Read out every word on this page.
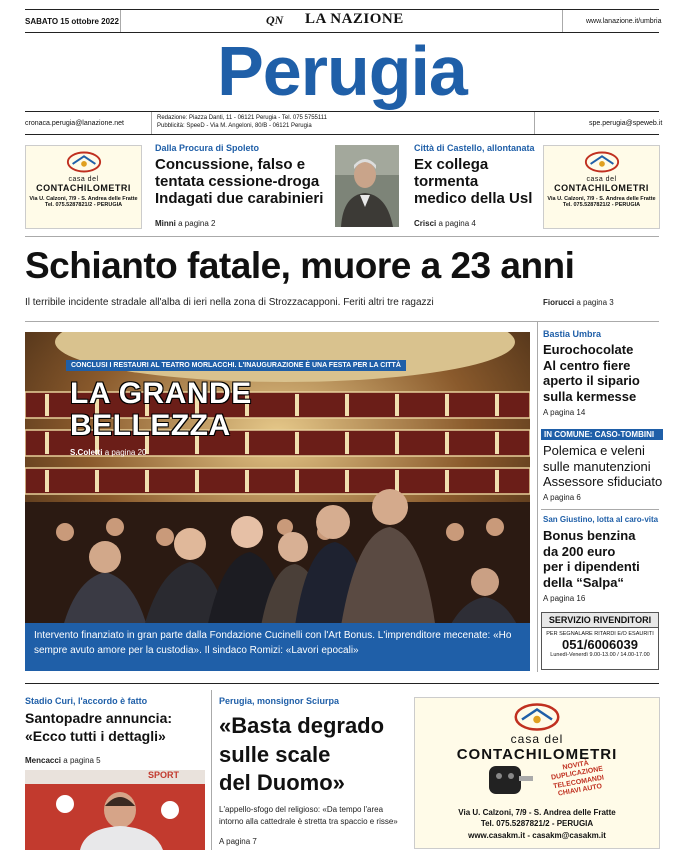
SABATO 15 ottobre 2022	QN LA NAZIONE	www.lanazione.it/umbria
Perugia
cronaca.perugia@lanazione.net
Redazione: Piazza Danti, 11 - 06121 Perugia - Tel. 075 5755111
Pubblicità: SpeeD - Via M. Angeloni, 80/B - 06121 Perugia	spe.perugia@speweb.it
casa del
CONTACHILOMETRI
Via U. Calzoni, 7/9 - S. Andrea delle Fratte
Tel. 075.5287821/2 - PERUGIA
Dalla Procura di Spoleto
Concussione, falso e
tentata cessione-droga
Indagati due carabinieri
Minni a pagina 2
Città di Castello, allontanata
Ex collega
tormenta
medico della Usl
Crisci a pagina 4
casa del
CONTACHILOMETRI
Via U. Calzoni, 7/9 - S. Andrea delle Fratte
Tel. 075.5287821/2 - PERUGIA
Schianto fatale, muore a 23 anni
Il terribile incidente stradale all'alba di ieri nella zona di Strozzacapponi. Feriti altri tre ragazzi	Fiorucci a pagina 3
CONCLUSI I RESTAURI AL TEATRO MORLACCHI. L'INAUGURAZIONE È UNA FESTA PER LA CITTÀ
LA GRANDE
BELLEZZA
S.Coletti a pagina 20
Intervento finanziato in gran parte dalla Fondazione Cucinelli con l'Art Bonus. L'imprenditore mecenate: «Ho sempre avuto amore per la custodia». Il sindaco Romizi: «Lavori epocali»
Bastia Umbra
Eurochocolate
Al centro fiere
aperto il sipario
sulla kermesse
A pagina 14
IN COMUNE: CASO-TOMBINI
Polemica e veleni
sulle manutenzioni
Assessore sfiduciato
A pagina 6
San Giustino, lotta al caro-vita
Bonus benzina
da 200 euro
per i dipendenti
della “Salpa“
A pagina 16
SERVIZIO RIVENDITORI
PER SEGNALARE RITARDI E/O ESAURITI
051/6006039
Lunedì-Venerdì 9.00-13.00 / 14.00-17.00
Stadio Curi, l'accordo è fatto
Santopadre annuncia:
«Ecco tutti i dettagli»
Mencacci a pagina 5
SPORT
Perugia, monsignor Sciurpa
«Basta degrado
sulle scale
del Duomo»
L'appello-sfogo del religioso: «Da tempo l'area intorno alla cattedrale è stretta tra spaccio e risse»
A pagina 7
casa del
CONTACHILOMETRI
NOVITÀ DUPLICAZIONE TELECOMANDI CHIAVI AUTO
Via U. Calzoni, 7/9 - S. Andrea delle Fratte
Tel. 075.5287821/2 - PERUGIA
www.casakm.it - casakm@casakm.it
